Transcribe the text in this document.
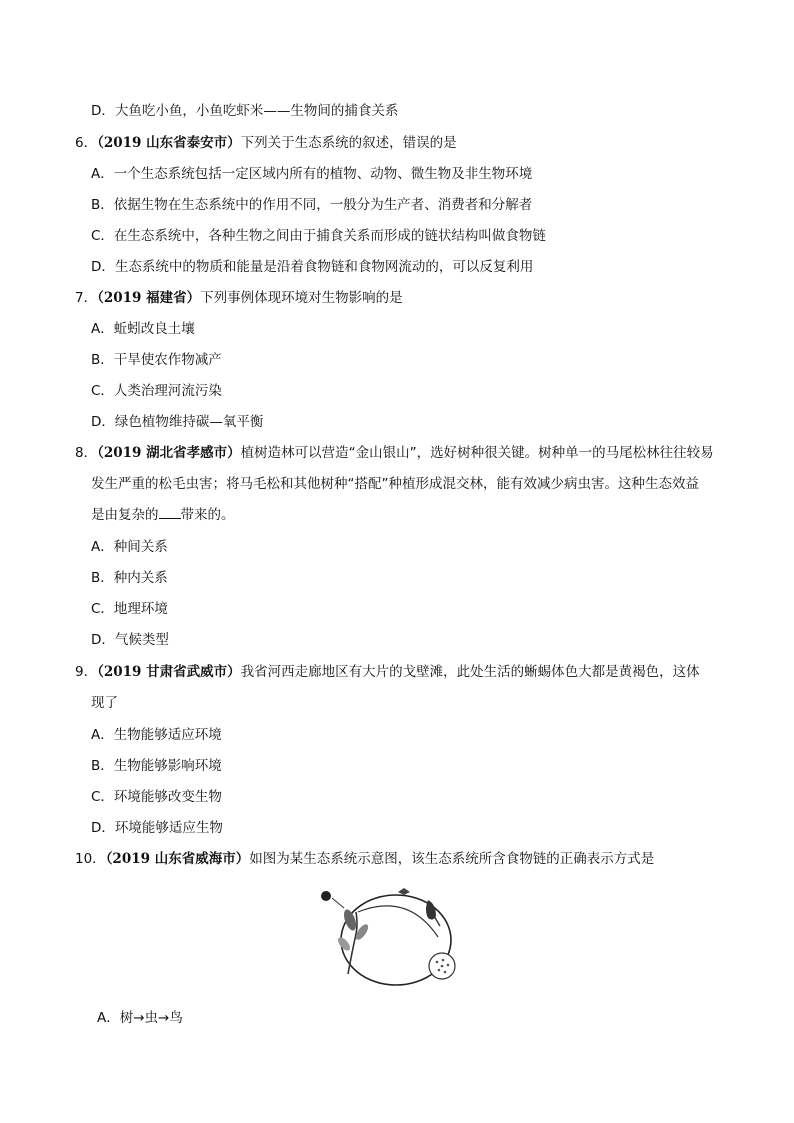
D．大鱼吃小鱼，小鱼吃虾米——生物间的捕食关系
6．（2019 山东省泰安市）下列关于生态系统的叙述，错误的是
A．一个生态系统包括一定区域内所有的植物、动物、微生物及非生物环境
B．依据生物在生态系统中的作用不同，一般分为生产者、消费者和分解者
C．在生态系统中，各种生物之间由于捕食关系而形成的链状结构叫做食物链
D．生态系统中的物质和能量是沿着食物链和食物网流动的，可以反复利用
7．（2019 福建省）下列事例体现环境对生物影响的是
A．蚯蚓改良土壤
B．干旱使农作物减产
C．人类治理河流污染
D．绿色植物维持碳—氧平衡
8．（2019 湖北省孝感市）植树造林可以营造“金山银山”，选好树种很关键。树种单一的马尾松林往往较易
发生严重的松毛虫害；将马毛松和其他树种“搭配”种植形成混交林，能有效减少病虫害。这种生态效益
是由复杂的 带来的。
A．种间关系
B．种内关系
C．地理环境
D．气候类型
9．（2019 甘肃省武威市）我省河西走廊地区有大片的戈壁滩，此处生活的蜥蜴体色大都是黄褐色，这体
现了
A．生物能够适应环境
B．生物能够影响环境
C．环境能够改变生物
D．环境能够适应生物
10．（2019 山东省威海市）如图为某生态系统示意图，该生态系统所含食物链的正确表示方式是
A．树→虫→鸟
